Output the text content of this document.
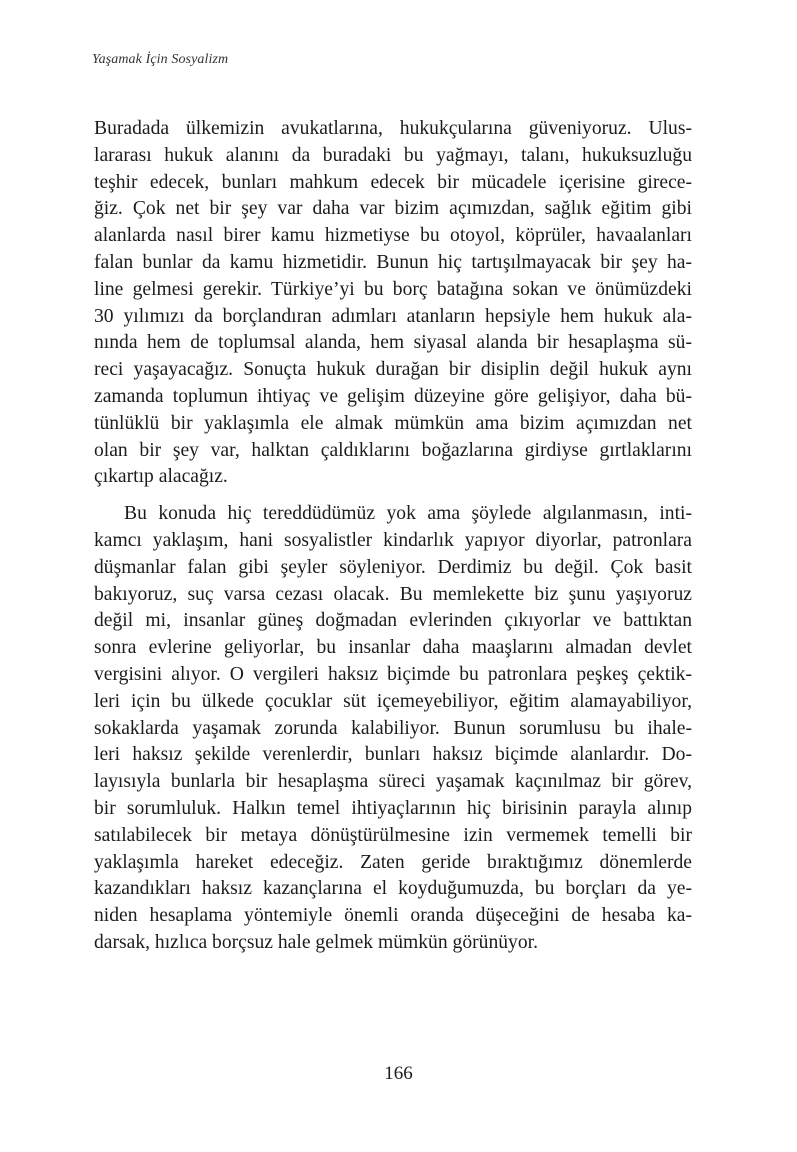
Yaşamak İçin Sosyalizm
Buradada ülkemizin avukatlarına, hukukçularına güveniyoruz. Ulus-
lararası hukuk alanını da buradaki bu yağmayı, talanı, hukuksuzluğu
teşhir edecek, bunları mahkum edecek bir mücadele içerisine girece-
ğiz. Çok net bir şey var daha var bizim açımızdan, sağlık eğitim gibi
alanlarda nasıl birer kamu hizmetiyse bu otoyol, köprüler, havaalanları
falan bunlar da kamu hizmetidir. Bunun hiç tartışılmayacak bir şey ha-
line gelmesi gerekir. Türkiye’yi bu borç batağına sokan ve önümüzdeki
30 yılımızı da borçlandıran adımları atanların hepsiyle hem hukuk ala-
nında hem de toplumsal alanda, hem siyasal alanda bir hesaplaşma sü-
reci yaşayacağız. Sonuçta hukuk durağan bir disiplin değil hukuk aynı
zamanda toplumun ihtiyaç ve gelişim düzeyine göre gelişiyor, daha bü-
tünlüklü bir yaklaşımla ele almak mümkün ama bizim açımızdan net
olan bir şey var, halktan çaldıklarını boğazlarına girdiyse gırtlaklarını
çıkartıp alacağız.
Bu konuda hiç tereddüdümüz yok ama şöylede algılanmasın, inti-
kamcı yaklaşım, hani sosyalistler kindarlık yapıyor diyorlar, patronlara
düşmanlar falan gibi şeyler söyleniyor. Derdimiz bu değil. Çok basit
bakıyoruz, suç varsa cezası olacak. Bu memlekette biz şunu yaşıyoruz
değil mi, insanlar güneş doğmadan evlerinden çıkıyorlar ve battıktan
sonra evlerine geliyorlar, bu insanlar daha maaşlarını almadan devlet
vergisini alıyor. O vergileri haksız biçimde bu patronlara peşkeş çektik-
leri için bu ülkede çocuklar süt içemeyebiliyor, eğitim alamayabiliyor,
sokaklarda yaşamak zorunda kalabiliyor. Bunun sorumlusu bu ihale-
leri haksız şekilde verenlerdir, bunları haksız biçimde alanlardır. Do-
layısıyla bunlarla bir hesaplaşma süreci yaşamak kaçınılmaz bir görev,
bir sorumluluk. Halkın temel ihtiyaçlarının hiç birisinin parayla alınıp
satılabilecek bir metaya dönüştürülmesine izin vermemek temelli bir
yaklaşımla hareket edeceğiz. Zaten geride bıraktığımız dönemlerde
kazandıkları haksız kazançlarına el koyduğumuzda, bu borçları da ye-
niden hesaplama yöntemiyle önemli oranda düşeceğini de hesaba ka-
darsak, hızlıca borçsuz hale gelmek mümkün görünüyor.
166
